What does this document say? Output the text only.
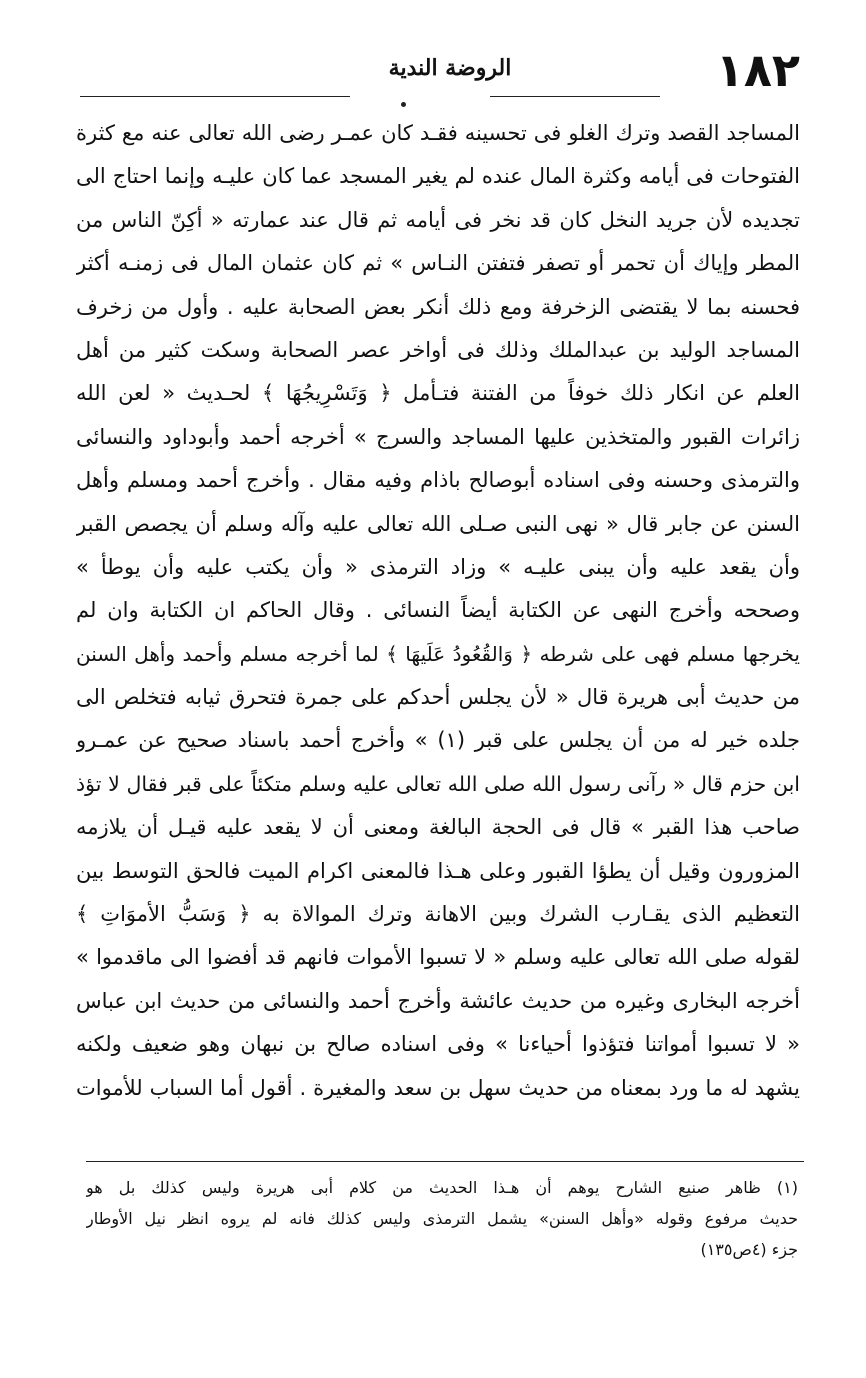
١٨٢
الروضة الندية
المساجد القصد وترك الغلو فى تحسينه فقـد كان عمـر رضى الله تعالى عنه مع كثرة
الفتوحات فى أيامه وكثرة المال عنده لم يغير المسجد عما كان عليـه وإنما احتاج الى
تجديده لأن جريد النخل كان قد نخر فى أيامه ثم قال عند عمارته « أكِنّ الناس من
المطر وإياك أن تحمر أو تصفر فتفتن النـاس » ثم كان عثمان المال فى زمنـه أكثر
فحسنه بما لا يقتضى الزخرفة ومع ذلك أنكر بعض الصحابة عليه . وأول من زخرف
المساجد الوليد بن عبدالملك وذلك فى أواخر عصر الصحابة وسكت كثير من أهل
العلم عن انكار ذلك خوفاً من الفتنة فتـأمل ﴿ وَتَسْرِيجُهَا ﴾ لحـديث « لعن الله
زائرات القبور والمتخذين عليها المساجد والسرج » أخرجه أحمد وأبوداود والنسائى
والترمذى وحسنه وفى اسناده أبوصالح باذام وفيه مقال . وأخرج أحمد ومسلم وأهل
السنن عن جابر قال « نهى النبى صـلى الله تعالى عليه وآله وسلم أن يجصص القبر
وأن يقعد عليه وأن يبنى عليـه » وزاد الترمذى « وأن يكتب عليه وأن يوطأ »
وصححه وأخرج النهى عن الكتابة أيضاً النسائى . وقال الحاكم ان الكتابة وان لم
يخرجها مسلم فهى على شرطه ﴿ وَالقُعُودُ عَلَيهَا ﴾ لما أخرجه مسلم وأحمد وأهل السنن
من حديث أبى هريرة قال « لأن يجلس أحدكم على جمرة فتحرق ثيابه فتخلص الى
جلده خير له من أن يجلس على قبر (١) » وأخرج أحمد باسناد صحيح عن عمـرو
ابن حزم قال « رآنى رسول الله صلى الله تعالى عليه وسلم متكئاً على قبر فقال لا تؤذ
صاحب هذا القبر » قال فى الحجة البالغة ومعنى أن لا يقعد عليه قيـل أن يلازمه
المزورون وقيل أن يطؤا القبور وعلى هـذا فالمعنى اكرام الميت فالحق التوسط بين
التعظيم الذى يقـارب الشرك وبين الاهانة وترك الموالاة به ﴿ وَسَبُّ الأموَاتِ ﴾
لقوله صلى الله تعالى عليه وسلم « لا تسبوا الأموات فانهم قد أفضوا الى ماقدموا »
أخرجه البخارى وغيره من حديث عائشة وأخرج أحمد والنسائى من حديث ابن عباس
« لا تسبوا أمواتنا فتؤذوا أحياءنا » وفى اسناده صالح بن نبهان وهو ضعيف ولكنه
يشهد له ما ورد بمعناه من حديث سهل بن سعد والمغيرة . أقول أما السباب للأموات
(١) ظاهر صنيع الشارح يوهم أن هـذا الحديث من كلام أبى هريرة وليس كذلك بل هو
حديث مرفوع وقوله «وأهل السنن» يشمل الترمذى وليس كذلك فانه لم يروه انظر نيل الأوطار
جزء (٤ص١٣٥)
